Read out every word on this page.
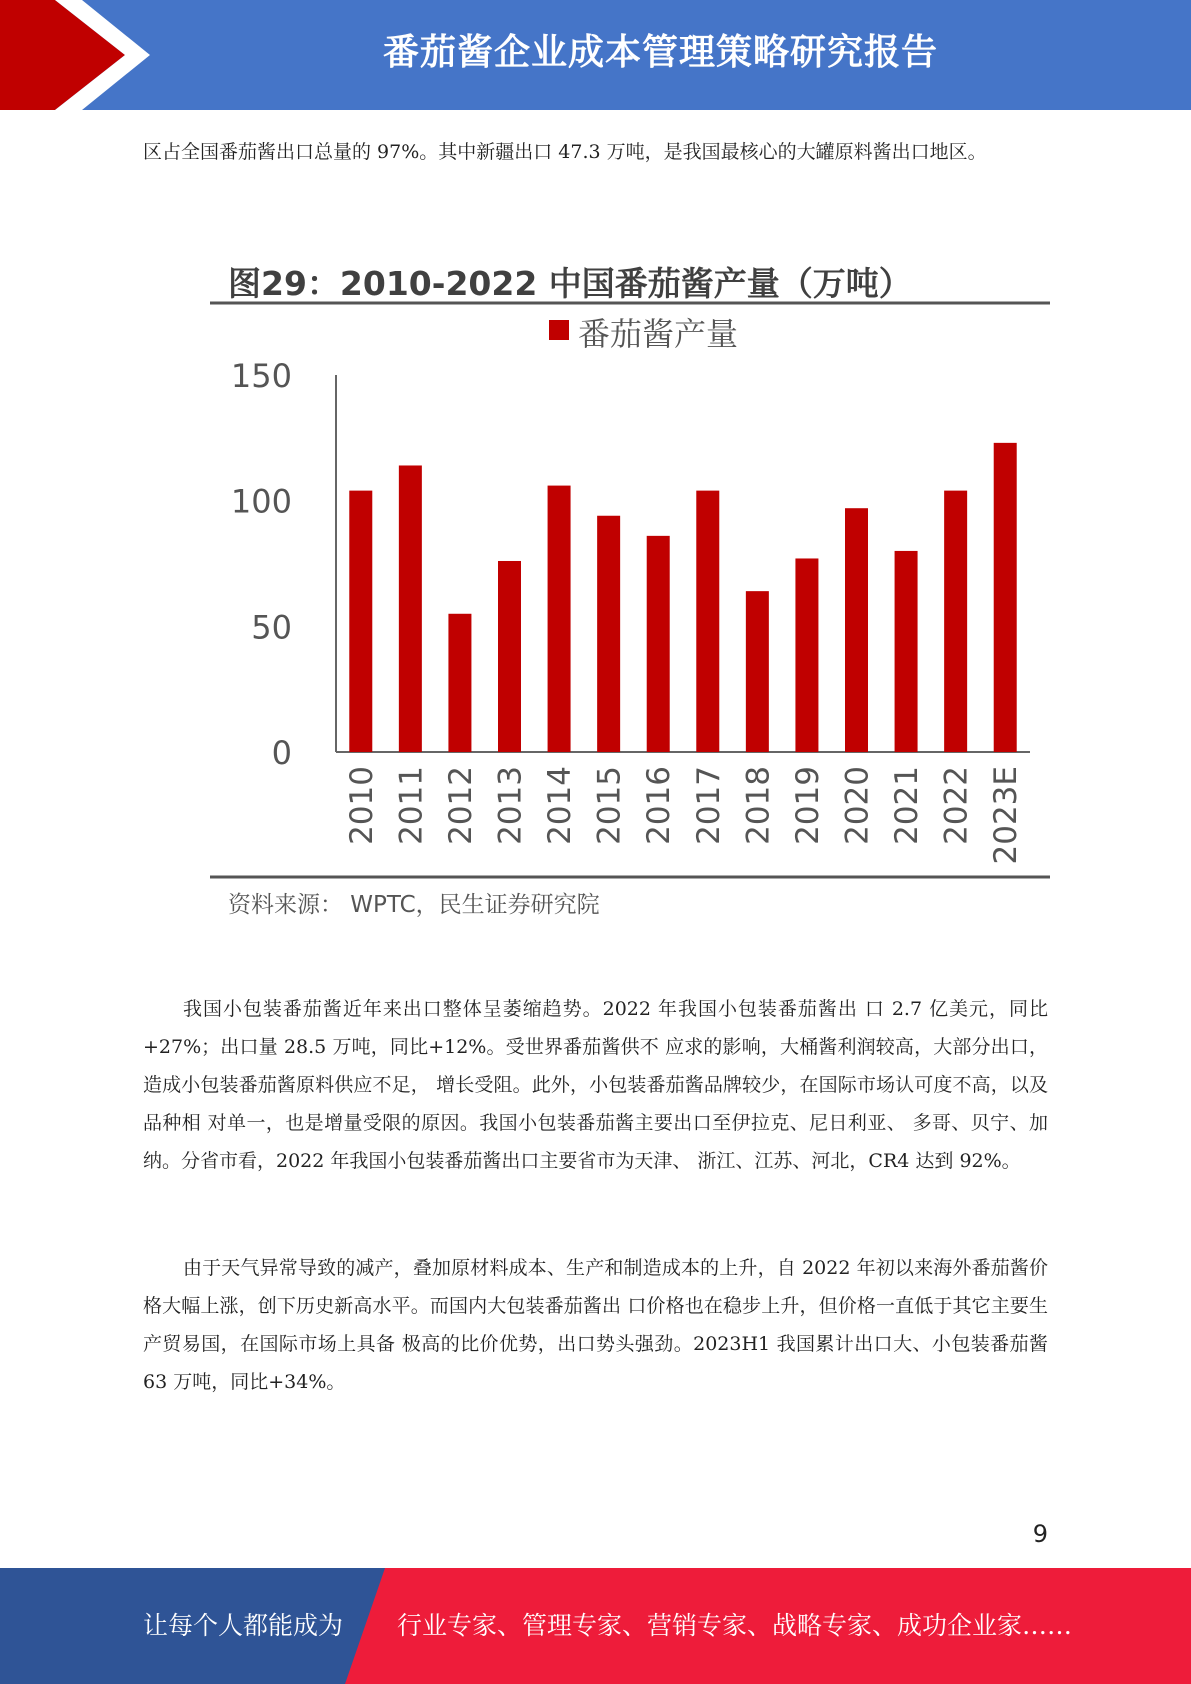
番茄酱企业成本管理策略研究报告

区占全国番茄酱出口总量的 97%。其中新疆出口 47.3 万吨，是我国最核心的大罐原料酱出口地区。

图29：2010-2022 中国番茄酱产量（万吨）
番茄酱产量
0
50
100
150
2010 2011 2012 2013 2014 2015 2016 2017 2018 2019 2020 2021 2022 2023E
资料来源： WPTC，民生证券研究院

我国小包装番茄酱近年来出口整体呈萎缩趋势。2022 年我国小包装番茄酱出 口 2.7 亿美元，同比+27%；出口量 28.5 万吨，同比+12%。受世界番茄酱供不 应求的影响，大桶酱利润较高，大部分出口，造成小包装番茄酱原料供应不足， 增长受阻。此外，小包装番茄酱品牌较少，在国际市场认可度不高，以及品种相 对单一，也是增量受限的原因。我国小包装番茄酱主要出口至伊拉克、尼日利亚、 多哥、贝宁、加纳。分省市看，2022 年我国小包装番茄酱出口主要省市为天津、 浙江、江苏、河北，CR4 达到 92%。

由于天气异常导致的减产，叠加原材料成本、生产和制造成本的上升，自 2022 年初以来海外番茄酱价格大幅上涨，创下历史新高水平。而国内大包装番茄酱出 口价格也在稳步上升，但价格一直低于其它主要生产贸易国，在国际市场上具备 极高的比价优势，出口势头强劲。2023H1 我国累计出口大、小包装番茄酱 63 万吨，同比+34%。

9
让每个人都能成为 行业专家、管理专家、营销专家、战略专家、成功企业家……
